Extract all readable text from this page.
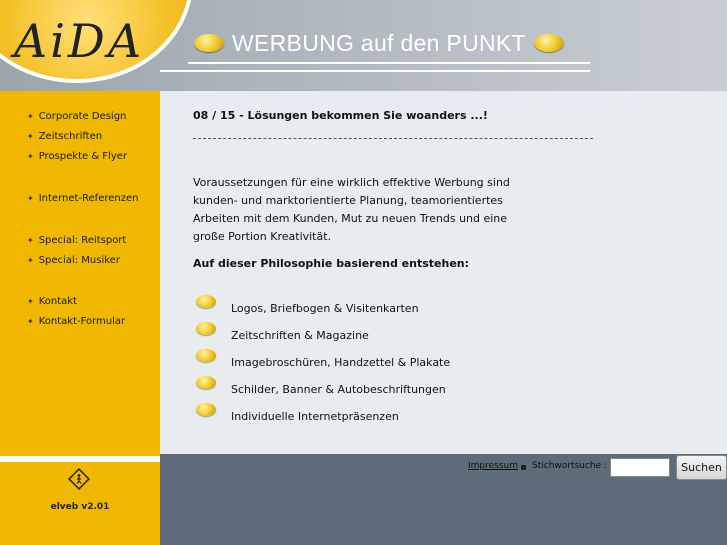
AiDA	WERBUNG auf den PUNKT
✦ Corporate Design
✦ Zeitschriften
✦ Prospekte & Flyer
✦ Internet-Referenzen
✦ Special: Reitsport
✦ Special: Musiker
✦ Kontakt
✦ Kontakt-Formular
elveb v2.01
08 / 15 - Lösungen bekommen Sie woanders ...!
Voraussetzungen für eine wirklich effektive Werbung sind kunden- und marktorientierte Planung, teamorientiertes Arbeiten mit dem Kunden, Mut zu neuen Trends und eine große Portion Kreativität.
Auf dieser Philosophie basierend entstehen:
Logos, Briefbogen & Visitenkarten
Zeitschriften & Magazine
Imagebroschüren, Handzettel & Plakate
Schilder, Banner & Autobeschriftungen
Individuelle Internetpräsenzen
Impressum Stichwortsuche :	Suchen
